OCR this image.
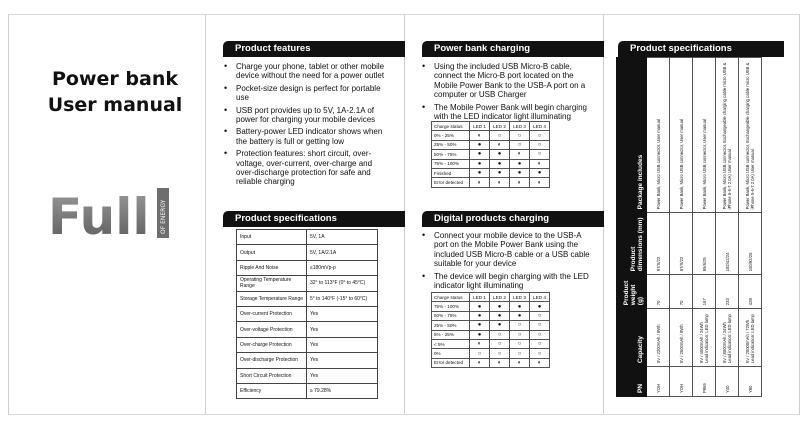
Power bank
User manual
Full OF ENERGY
Product features
• Charge your phone, tablet or other mobile device without the need for a power outlet
• Pocket-size design is perfect for portable use
• USB port provides up to 5V, 1A-2.1A of power for charging your mobile devices
• Battery-power LED indicator shows when the battery is full or getting low
• Protection features: short circuit, over-voltage, over-current, over-charge and over-discharge protection for safe and reliable charging
Product specifications
Input	5V, 1A
Output	5V, 1A/2.1A
Ripple And Noise	≤180mVp-p
Operating Temperature Range	32° to 113°F (0° to 45°C)
Storage Temperature Range	5° to 140°F (-15° to 60°C)
Over-current Protection	Yes
Over-voltage Protection	Yes
Over-charge Protection	Yes
Over-discharge Protection	Yes
Short Circuit Protection	Yes
Efficiency	≥ 79.28%
Power bank charging
• Using the included USB Micro-B cable, connect the Micro-B port located on the Mobile Power Bank to the USB-A port on a computer or USB Charger
• The Mobile Power Bank will begin charging with the LED indicator light illuminating
Charge status	LED 1	LED 2	LED 3	LED 4
0% - 25%	◐	○	○	○
25% - 50%	●	◐	○	○
50% - 75%	●	●	◐	○
75% - 100%	●	●	●	◐
Finished	●	●	●	●
Error detected	◐	◐	◐	◐
Digital products charging
• Connect your mobile device to the USB-A port on the Mobile Power Bank using the included USB Micro-B cable or a USB cable suitable for your device
• The device will begin charging with the LED indicator light illuminating
Charge status	LED 1	LED 2	LED 3	LED 4
75% - 100%	●	●	●	●
50% - 75%	●	●	●	○
25% - 50%	●	●	○	○
5% - 25%	●	○	○	○
< 5%	◐	○	○	○
0%	○	○	○	○
Error detected	◐	◐	◐	◐
Product specifications
PN	Capacity	Product weight (g)	Product dimensions (mm)	Package includes
YOH	5V / 2200mAh / 8Wh	70	97/X/22	Power Bank, Micro USB connector, User manual
YOH	5V / 2600mAh / 8Wh	70	97/X/22	Power Bank, Micro USB connector, User manual
P865	5V / 4000mAh / 24Wh Lead indication: LED lamp	167	95/6/25	Power Bank, Micro USB connector, User manual
Y40	5V / 8000mAh / 24Wh Lead indication: LED lamp	233	182/42/24	Power Bank, Micro USB connector, Exchangeable charging cable micro USB & iPhone 5-6-7 2.0A) User manual
Y80	5V / 20000mAh / 72Wh Lead indication: LED lamp	428	150/92/25	Power Bank, Micro USB connector, Exchangeable charging cable micro USB & iPhone 5-6-7 2.0A) User manual
